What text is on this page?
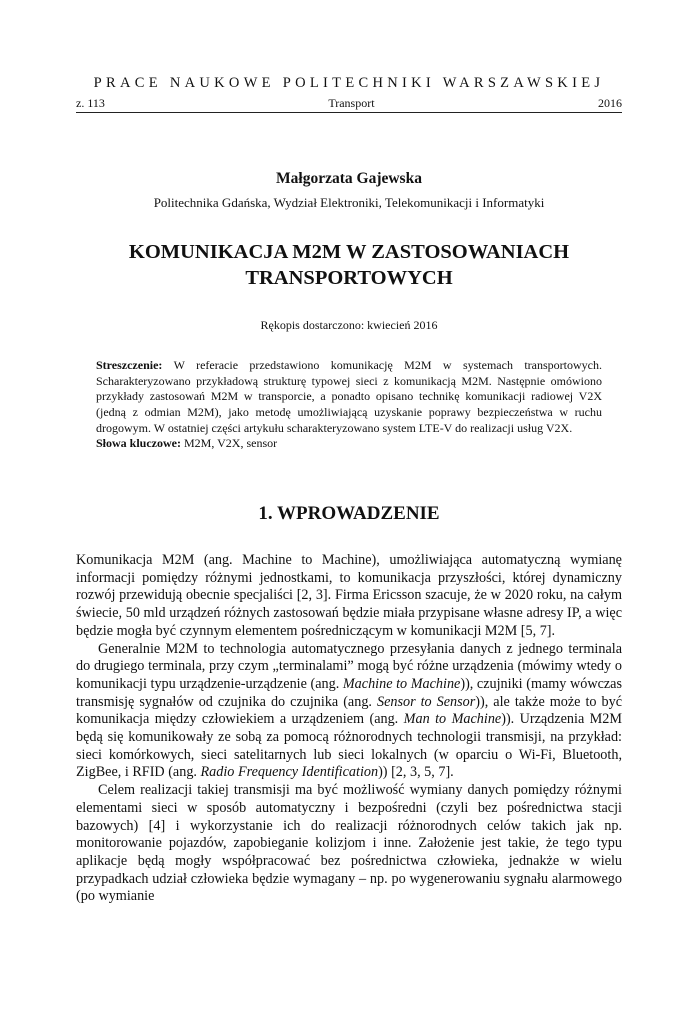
PRACE NAUKOWE POLITECHNIKI WARSZAWSKIEJ
z. 113	Transport	2016
Małgorzata Gajewska
Politechnika Gdańska, Wydział Elektroniki, Telekomunikacji i Informatyki
KOMUNIKACJA M2M W ZASTOSOWANIACH
TRANSPORTOWYCH
Rękopis dostarczono: kwiecień 2016

Streszczenie: W referacie przedstawiono komunikację M2M w systemach transportowych. Scharakteryzowano przykładową strukturę typowej sieci z komunikacją M2M. Następnie omówiono przykłady zastosowań M2M w transporcie, a ponadto opisano technikę komunikacji radiowej V2X (jedną z odmian M2M), jako metodę umożliwiającą uzyskanie poprawy bezpieczeństwa w ruchu drogowym. W ostatniej części artykułu scharakteryzowano system LTE-V do realizacji usług V2X.

Słowa kluczowe: M2M, V2X, sensor

1. WPROWADZENIE

Komunikacja M2M (ang. Machine to Machine), umożliwiająca automatyczną wymianę informacji pomiędzy różnymi jednostkami, to komunikacja przyszłości, której dynamiczny rozwój przewidują obecnie specjaliści [2, 3]. Firma Ericsson szacuje, że w 2020 roku, na całym świecie, 50 mld urządzeń różnych zastosowań będzie miała przypisane własne adresy IP, a więc będzie mogła być czynnym elementem pośredniczącym w komunikacji M2M [5, 7].

Generalnie M2M to technologia automatycznego przesyłania danych z jednego terminala do drugiego terminala, przy czym „terminalami” mogą być różne urządzenia (mówimy wtedy o komunikacji typu urządzenie-urządzenie (ang. Machine to Machine)), czujniki (mamy wówczas transmisję sygnałów od czujnika do czujnika (ang. Sensor to Sensor)), ale także może to być komunikacja między człowiekiem a urządzeniem (ang. Man to Machine)). Urządzenia M2M będą się komunikowały ze sobą za pomocą różnorodnych technologii transmisji, na przykład: sieci komórkowych, sieci satelitarnych lub sieci lokalnych (w oparciu o Wi-Fi, Bluetooth, ZigBee, i RFID (ang. Radio Frequency Identification)) [2, 3, 5, 7].

Celem realizacji takiej transmisji ma być możliwość wymiany danych pomiędzy różnymi elementami sieci w sposób automatyczny i bezpośredni (czyli bez pośrednictwa stacji bazowych) [4] i wykorzystanie ich do realizacji różnorodnych celów takich jak np. monitorowanie pojazdów, zapobieganie kolizjom i inne. Założenie jest takie, że tego typu aplikacje będą mogły współpracować bez pośrednictwa człowieka, jednakże w wielu przypadkach udział człowieka będzie wymagany – np. po wygenerowaniu sygnału alarmowego (po wymianie
